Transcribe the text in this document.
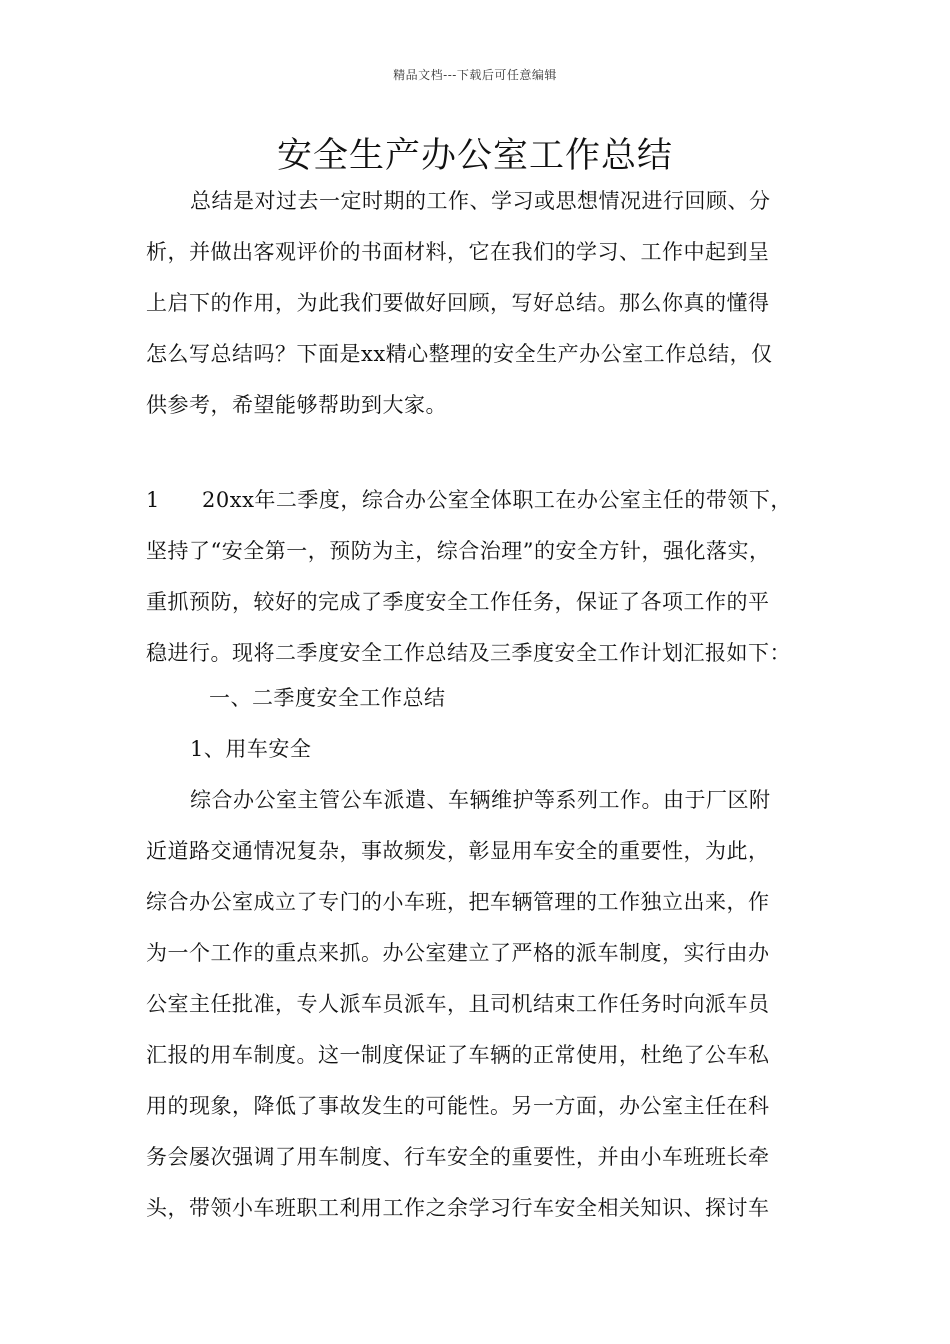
精品文档---下载后可任意编辑
安全生产办公室工作总结
总结是对过去一定时期的工作、学习或思想情况进行回顾、分
析，并做出客观评价的书面材料，它在我们的学习、工作中起到呈
上启下的作用，为此我们要做好回顾，写好总结。那么你真的懂得
怎么写总结吗？下面是xx精心整理的安全生产办公室工作总结，仅
供参考，希望能够帮助到大家。
1 20xx年二季度，综合办公室全体职工在办公室主任的带领下，
坚持了“安全第一，预防为主，综合治理”的安全方针，强化落实，
重抓预防，较好的完成了季度安全工作任务，保证了各项工作的平
稳进行。现将二季度安全工作总结及三季度安全工作计划汇报如下：
一、二季度安全工作总结
1、用车安全
综合办公室主管公车派遣、车辆维护等系列工作。由于厂区附
近道路交通情况复杂，事故频发，彰显用车安全的重要性，为此，
综合办公室成立了专门的小车班，把车辆管理的工作独立出来，作
为一个工作的重点来抓。办公室建立了严格的派车制度，实行由办
公室主任批准，专人派车员派车，且司机结束工作任务时向派车员
汇报的用车制度。这一制度保证了车辆的正常使用，杜绝了公车私
用的现象，降低了事故发生的可能性。另一方面，办公室主任在科
务会屡次强调了用车制度、行车安全的重要性，并由小车班班长牵
头，带领小车班职工利用工作之余学习行车安全相关知识、探讨车
